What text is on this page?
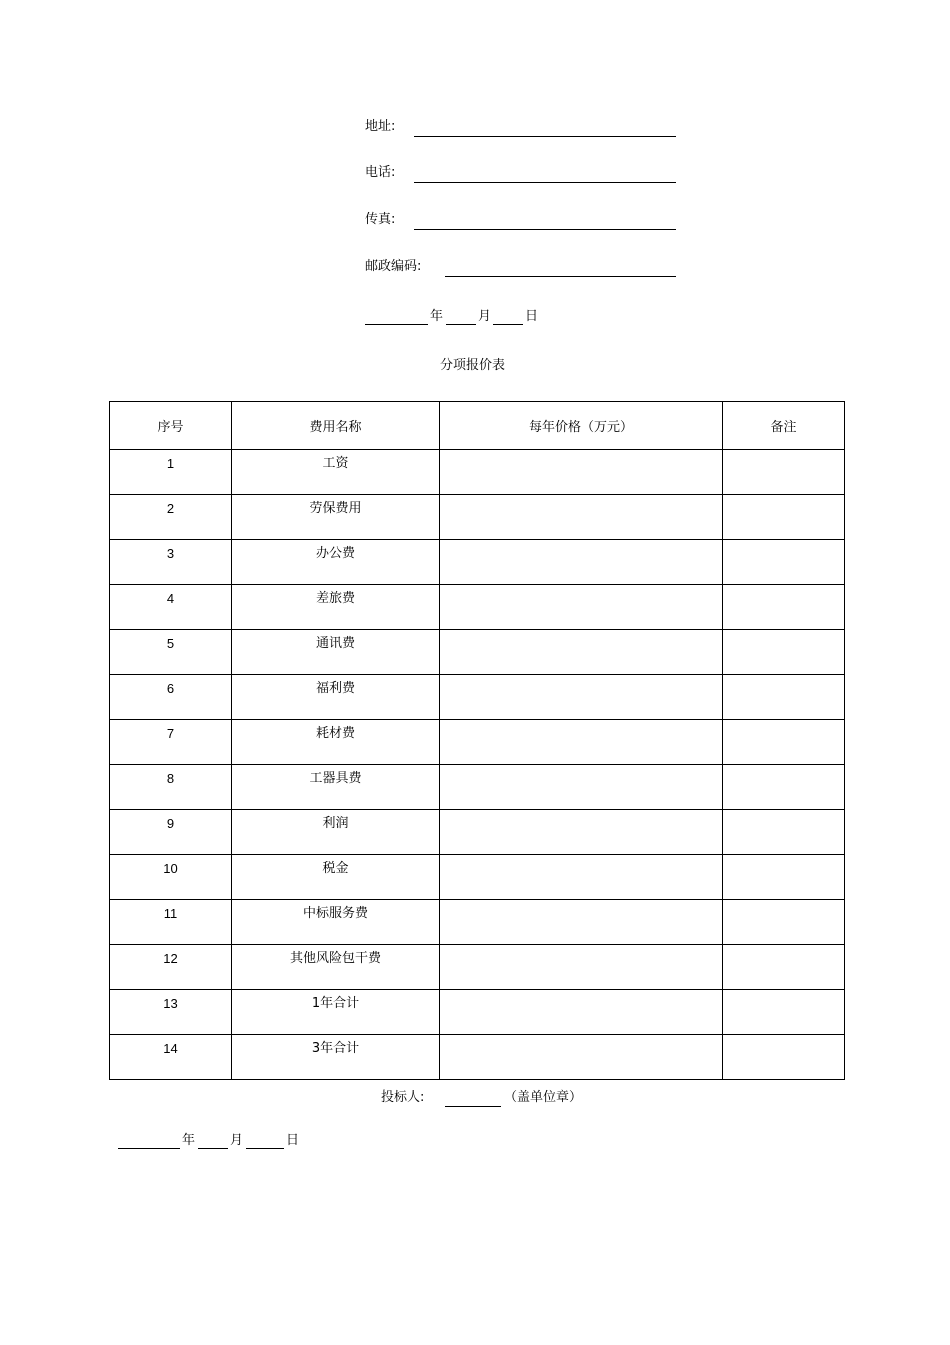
地址:
电话:
传真:
邮政编码:
年	月	日
分项报价表
序号	费用名称	每年价格（万元）	备注

1	工资		

2	劳保费用		

3	办公费		

4	差旅费		

5	通讯费		

6	福利费		

7	耗材费		

8	工器具费		

9	利润		

10	税金		

11	中标服务费		

12	其他风险包干费		

13	1年合计		

14	3年合计		

投标人:	（盖单位章）
年	月	日
